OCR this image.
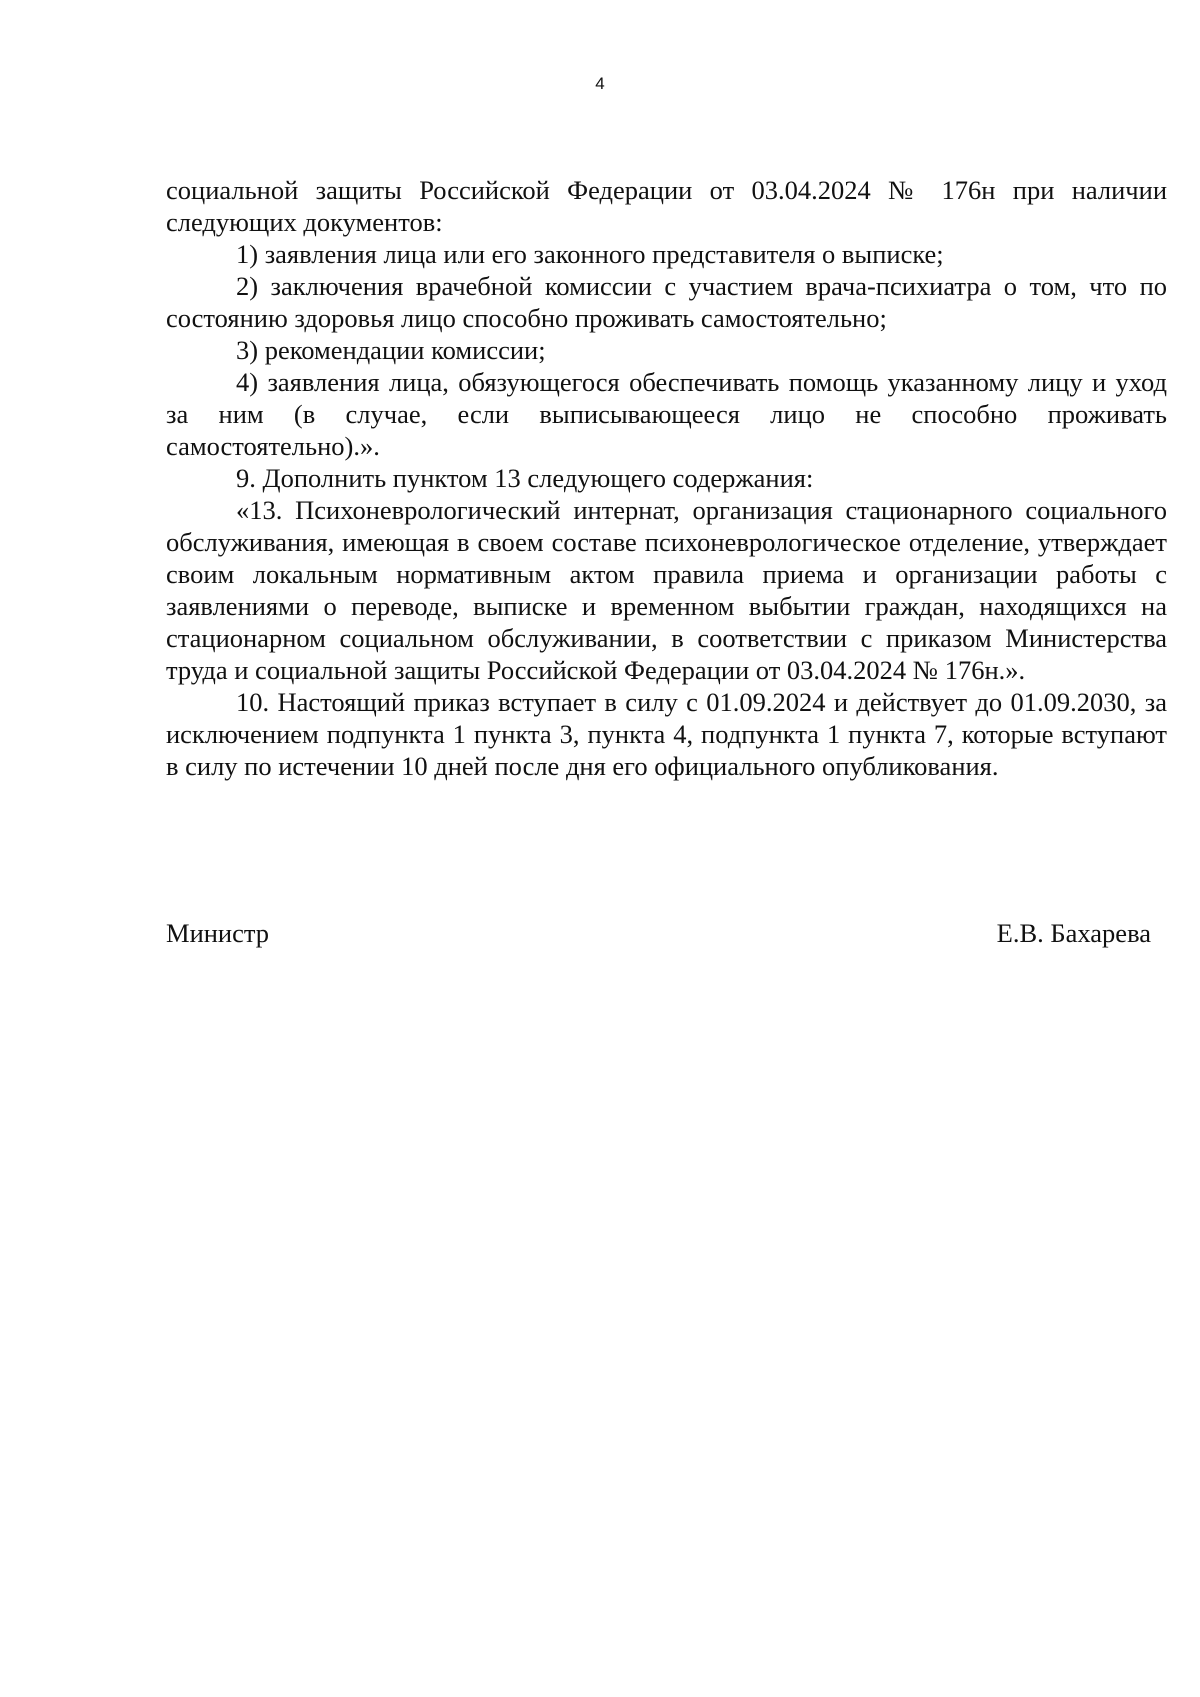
4

социальной защиты Российской Федерации от 03.04.2024 № 176н при наличии следующих документов:

1) заявления лица или его законного представителя о выписке;

2) заключения врачебной комиссии с участием врача-психиатра о том, что по состоянию здоровья лицо способно проживать самостоятельно;

3) рекомендации комиссии;

4) заявления лица, обязующегося обеспечивать помощь указанному лицу и уход за ним (в случае, если выписывающееся лицо не способно проживать самостоятельно).».

9. Дополнить пунктом 13 следующего содержания:

«13. Психоневрологический интернат, организация стационарного социального обслуживания, имеющая в своем составе психоневрологическое отделение, утверждает своим локальным нормативным актом правила приема и организации работы с заявлениями о переводе, выписке и временном выбытии граждан, находящихся на стационарном социальном обслуживании, в соответствии с приказом Министерства труда и социальной защиты Российской Федерации от 03.04.2024 № 176н.».

10. Настоящий приказ вступает в силу с 01.09.2024 и действует до 01.09.2030, за исключением подпункта 1 пункта 3, пункта 4, подпункта 1 пункта 7, которые вступают в силу по истечении 10 дней после дня его официального опубликования.

Министр	Е.В. Бахарева
